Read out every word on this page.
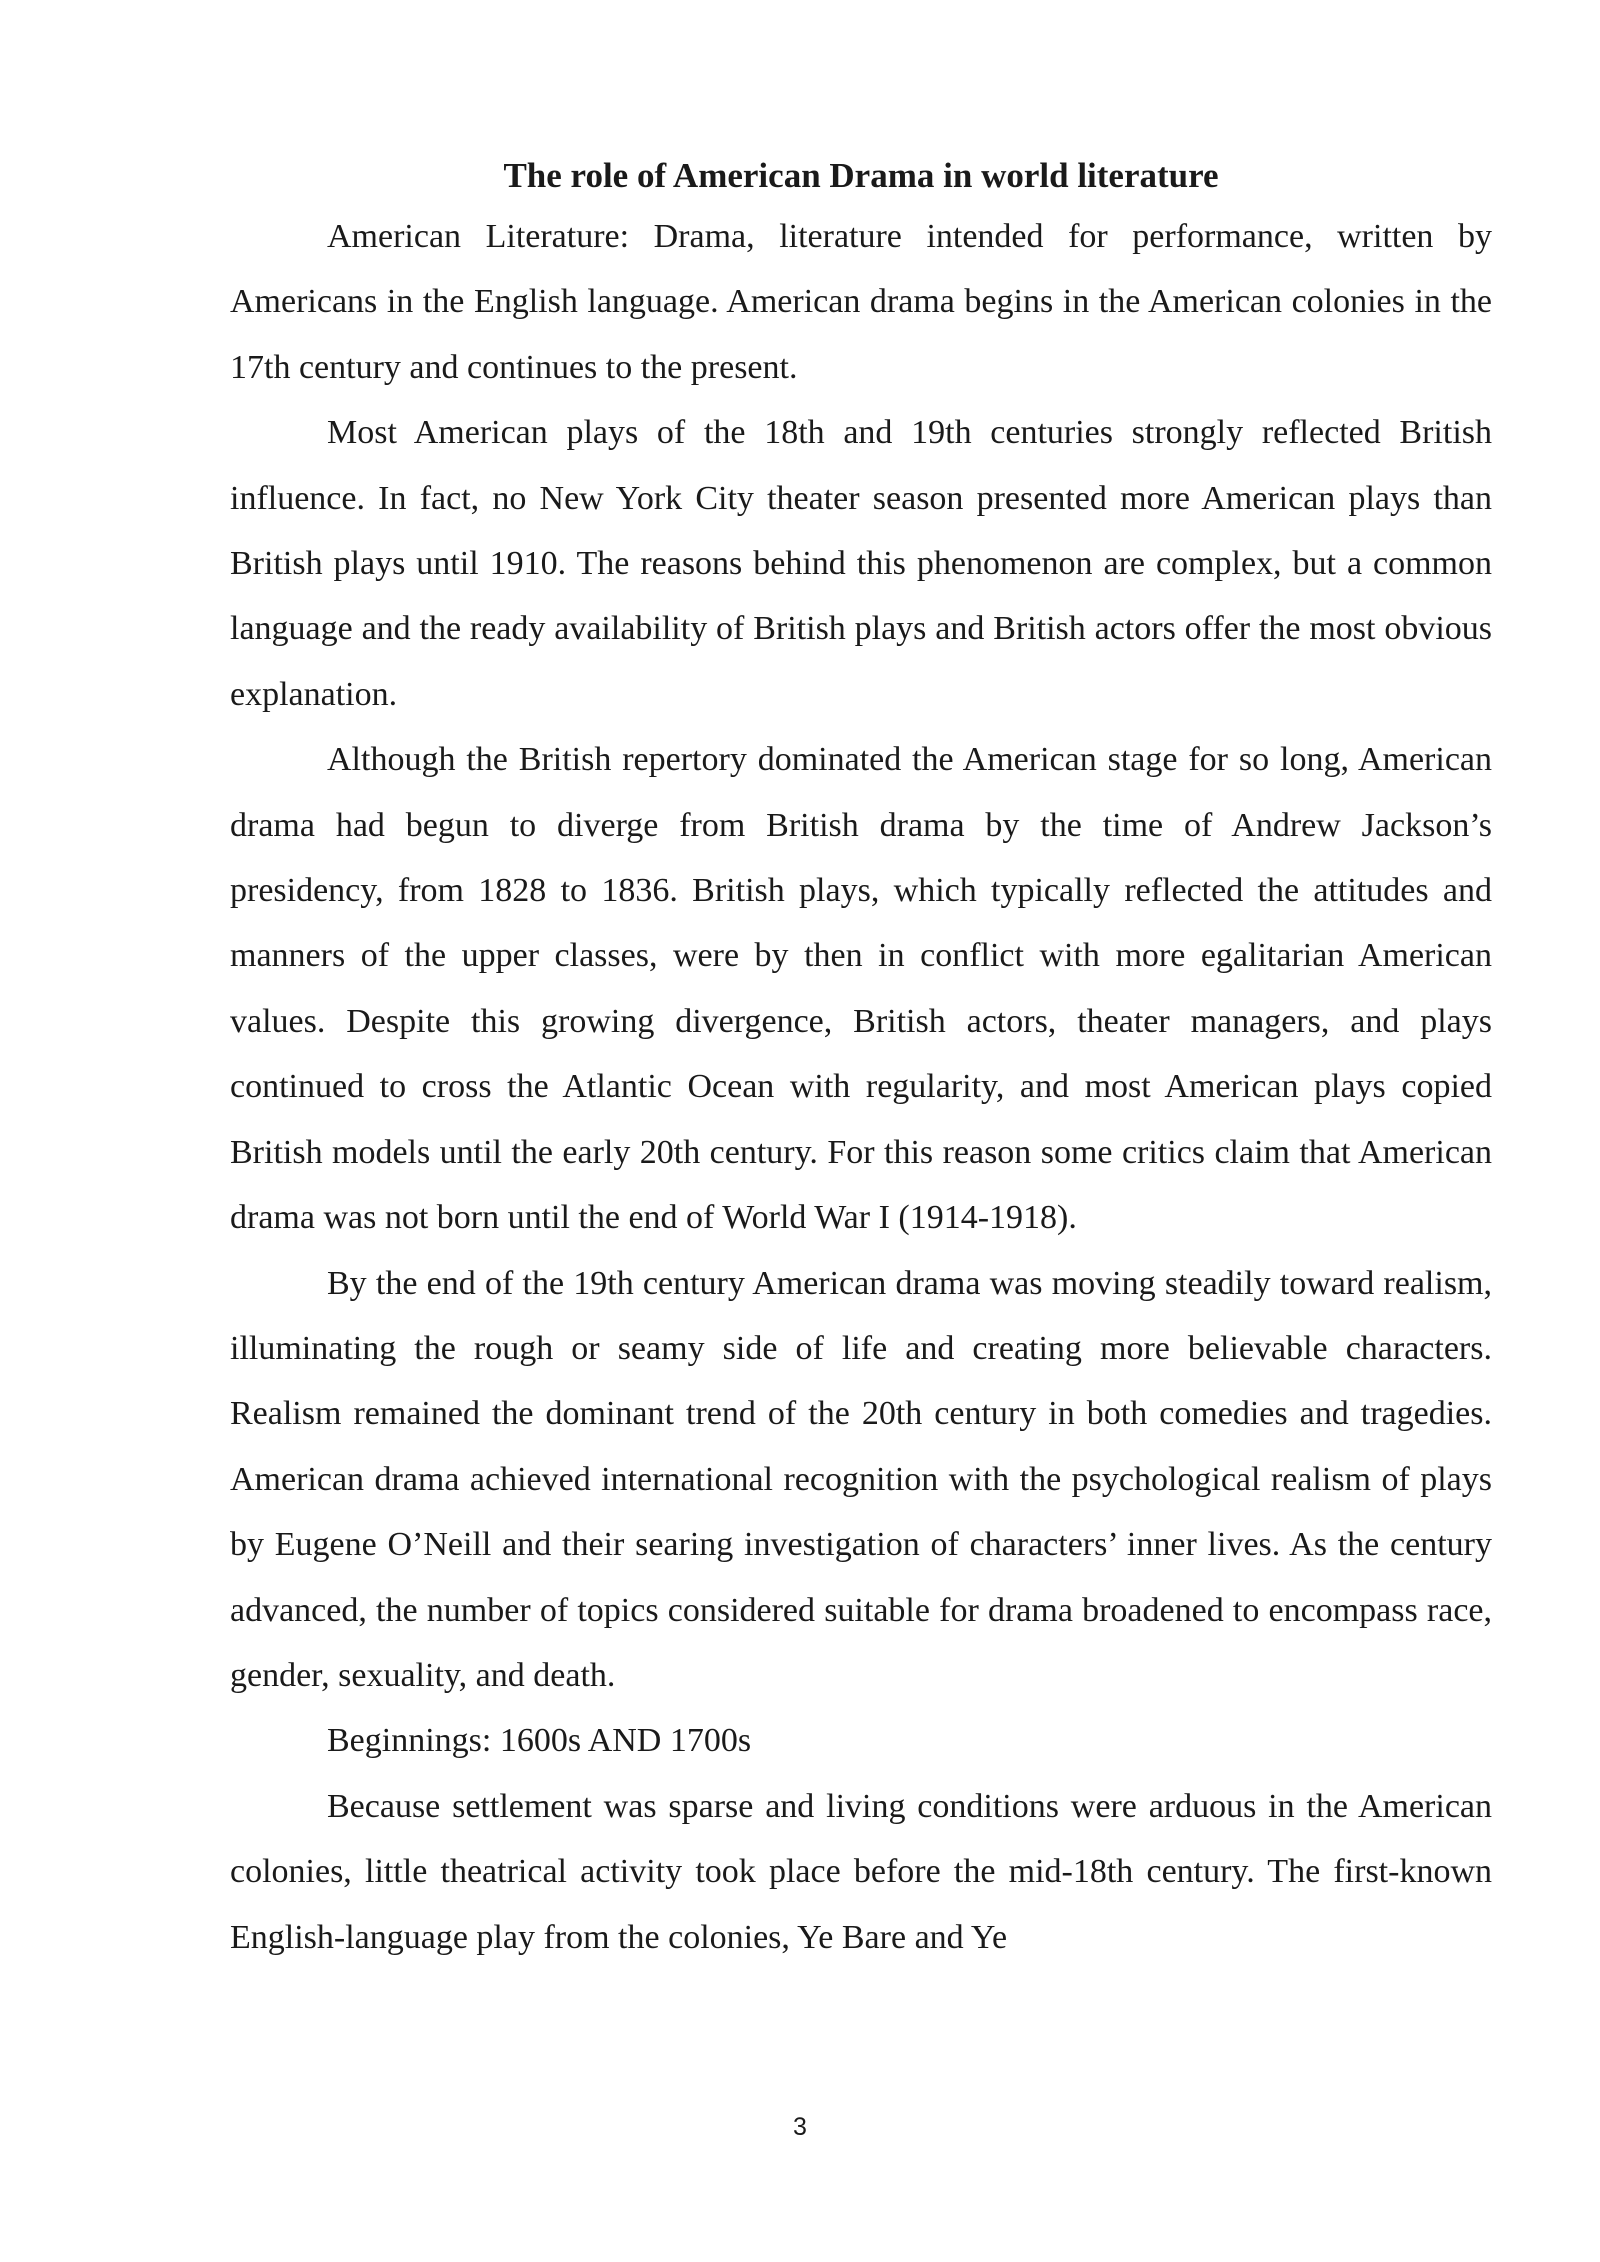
The role of American Drama in world literature

American Literature: Drama, literature intended for performance, written by Americans in the English language. American drama begins in the American colonies in the 17th century and continues to the present.

Most American plays of the 18th and 19th centuries strongly reflected British influence. In fact, no New York City theater season presented more American plays than British plays until 1910. The reasons behind this phenomenon are complex, but a common language and the ready availability of British plays and British actors offer the most obvious explanation.

Although the British repertory dominated the American stage for so long, American drama had begun to diverge from British drama by the time of Andrew Jackson’s presidency, from 1828 to 1836. British plays, which typically reflected the attitudes and manners of the upper classes, were by then in conflict with more egalitarian American values. Despite this growing divergence, British actors, theater managers, and plays continued to cross the Atlantic Ocean with regularity, and most American plays copied British models until the early 20th century. For this reason some critics claim that American drama was not born until the end of World War I (1914-1918).

By the end of the 19th century American drama was moving steadily toward realism, illuminating the rough or seamy side of life and creating more believable characters. Realism remained the dominant trend of the 20th century in both comedies and tragedies. American drama achieved international recognition with the psychological realism of plays by Eugene O’Neill and their searing investigation of characters’ inner lives. As the century advanced, the number of topics considered suitable for drama broadened to encompass race, gender, sexuality, and death.

Beginnings: 1600s AND 1700s

Because settlement was sparse and living conditions were arduous in the American colonies, little theatrical activity took place before the mid-18th century. The first-known English-language play from the colonies, Ye Bare and Ye

3
